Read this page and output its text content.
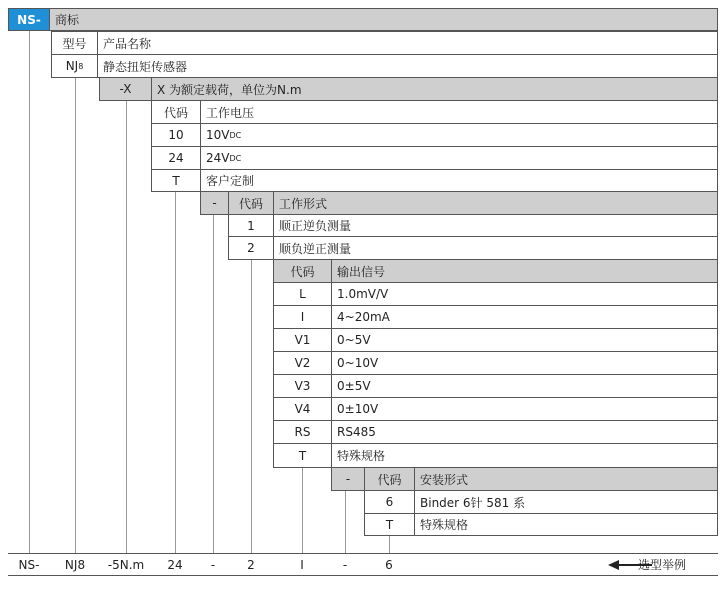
NS-	商标
型号	产品名称
NJ 8	静态扭矩传感器
-X	X 为额定载荷，单位为N.m
代码	工作电压
10	10V DC
24	24V DC
T	客户定制
-	代码	工作形式
1	顺正逆负测量
2	顺负逆正测量
代码	输出信号
L	1.0mV/V
I	4~20mA
V1	0~5V
V2	0~10V
V3	0±5V
V4	0±10V
RS	RS485
T	特殊规格
-	代码	安装形式
6	Binder 6针 581 系
T	特殊规格
NS- NJ8 -5N.m 24 -	2	I	-	6	选型举例
